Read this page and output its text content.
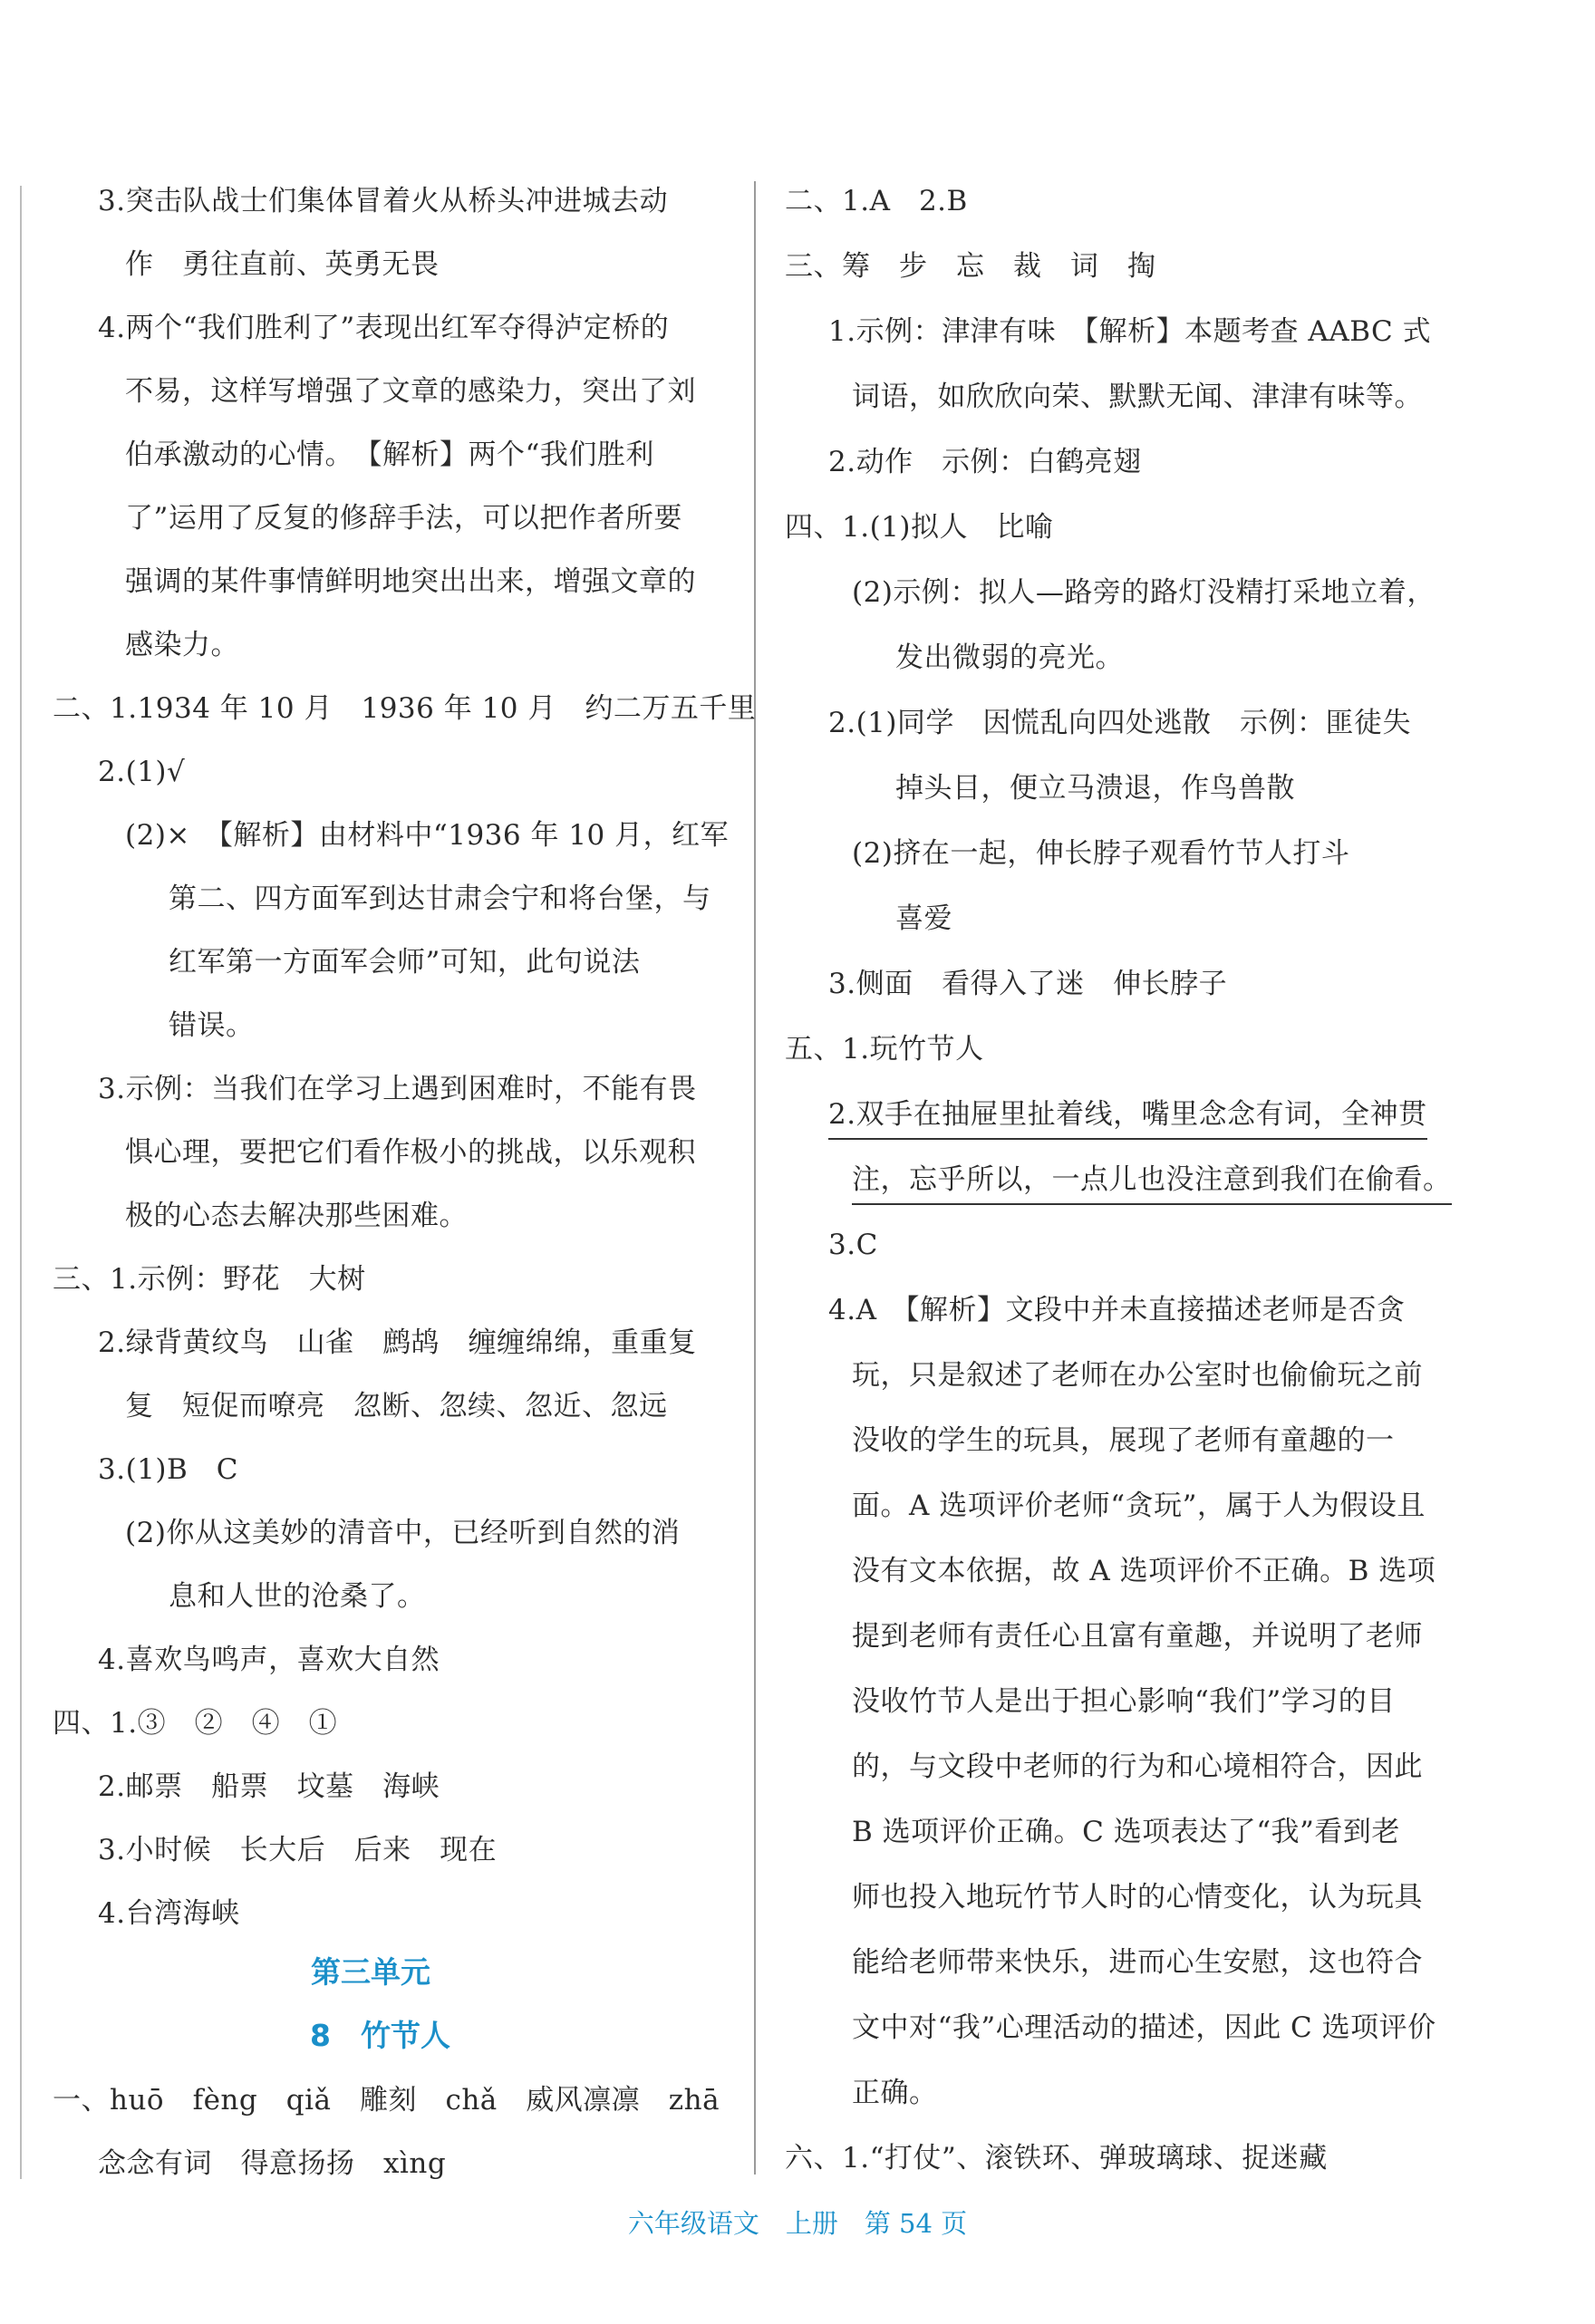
3.突击队战士们集体冒着火从桥头冲进城去动
作　勇往直前、英勇无畏
4.两个“我们胜利了”表现出红军夺得泸定桥的
不易，这样写增强了文章的感染力，突出了刘
伯承激动的心情。　【解析】两个“我们胜利
了”运用了反复的修辞手法，可以把作者所要
强调的某件事情鲜明地突出出来，增强文章的
感染力。
二、1.1934 年 10 月　1936 年 10 月　约二万五千里
2.(1)√
(2)×　【解析】由材料中“1936 年 10 月，红军
第二、四方面军到达甘肃会宁和将台堡，与
红军第一方面军会师”可知，此句说法
错误。
3.示例：当我们在学习上遇到困难时，不能有畏
惧心理，要把它们看作极小的挑战，以乐观积
极的心态去解决那些困难。
三、1.示例：野花　大树
2.绿背黄纹鸟　山雀　鹧鸪　缠缠绵绵，重重复
复　短促而嘹亮　忽断、忽续、忽近、忽远
3.(1)B　C
(2)你从这美妙的清音中，已经听到自然的消
息和人世的沧桑了。
4.喜欢鸟鸣声，喜欢大自然
四、1.③　②　④　①
2.邮票　船票　坟墓　海峡
3.小时候　长大后　后来　现在
4.台湾海峡
第三单元
8　竹节人
一、huō　fèng　qiǎ　雕刻　chǎ　威风凛凛　zhā
念念有词　得意扬扬　xìng
二、1.A　2.B
三、筹　步　忘　裁　词　掏
1.示例：津津有味　【解析】本题考查 AABC 式
词语，如欣欣向荣、默默无闻、津津有味等。
2.动作　示例：白鹤亮翅
四、1.(1)拟人　比喻
(2)示例：拟人—路旁的路灯没精打采地立着，
发出微弱的亮光。
2.(1)同学　因慌乱向四处逃散　示例：匪徒失
掉头目，便立马溃退，作鸟兽散
(2)挤在一起，伸长脖子观看竹节人打斗
喜爱
3.侧面　看得入了迷　伸长脖子
五、1.玩竹节人
2.双手在抽屉里扯着线，嘴里念念有词，全神贯
注，忘乎所以，一点儿也没注意到我们在偷看。
3.C
4.A　【解析】文段中并未直接描述老师是否贪
玩，只是叙述了老师在办公室时也偷偷玩之前
没收的学生的玩具，展现了老师有童趣的一
面。A 选项评价老师“贪玩”，属于人为假设且
没有文本依据，故 A 选项评价不正确。B 选项
提到老师有责任心且富有童趣，并说明了老师
没收竹节人是出于担心影响“我们”学习的目
的，与文段中老师的行为和心境相符合，因此
B 选项评价正确。C 选项表达了“我”看到老
师也投入地玩竹节人时的心情变化，认为玩具
能给老师带来快乐，进而心生安慰，这也符合
文中对“我”心理活动的描述，因此 C 选项评价
正确。
六、1.“打仗”、滚铁环、弹玻璃球、捉迷藏
六年级语文　上册　第 54 页
